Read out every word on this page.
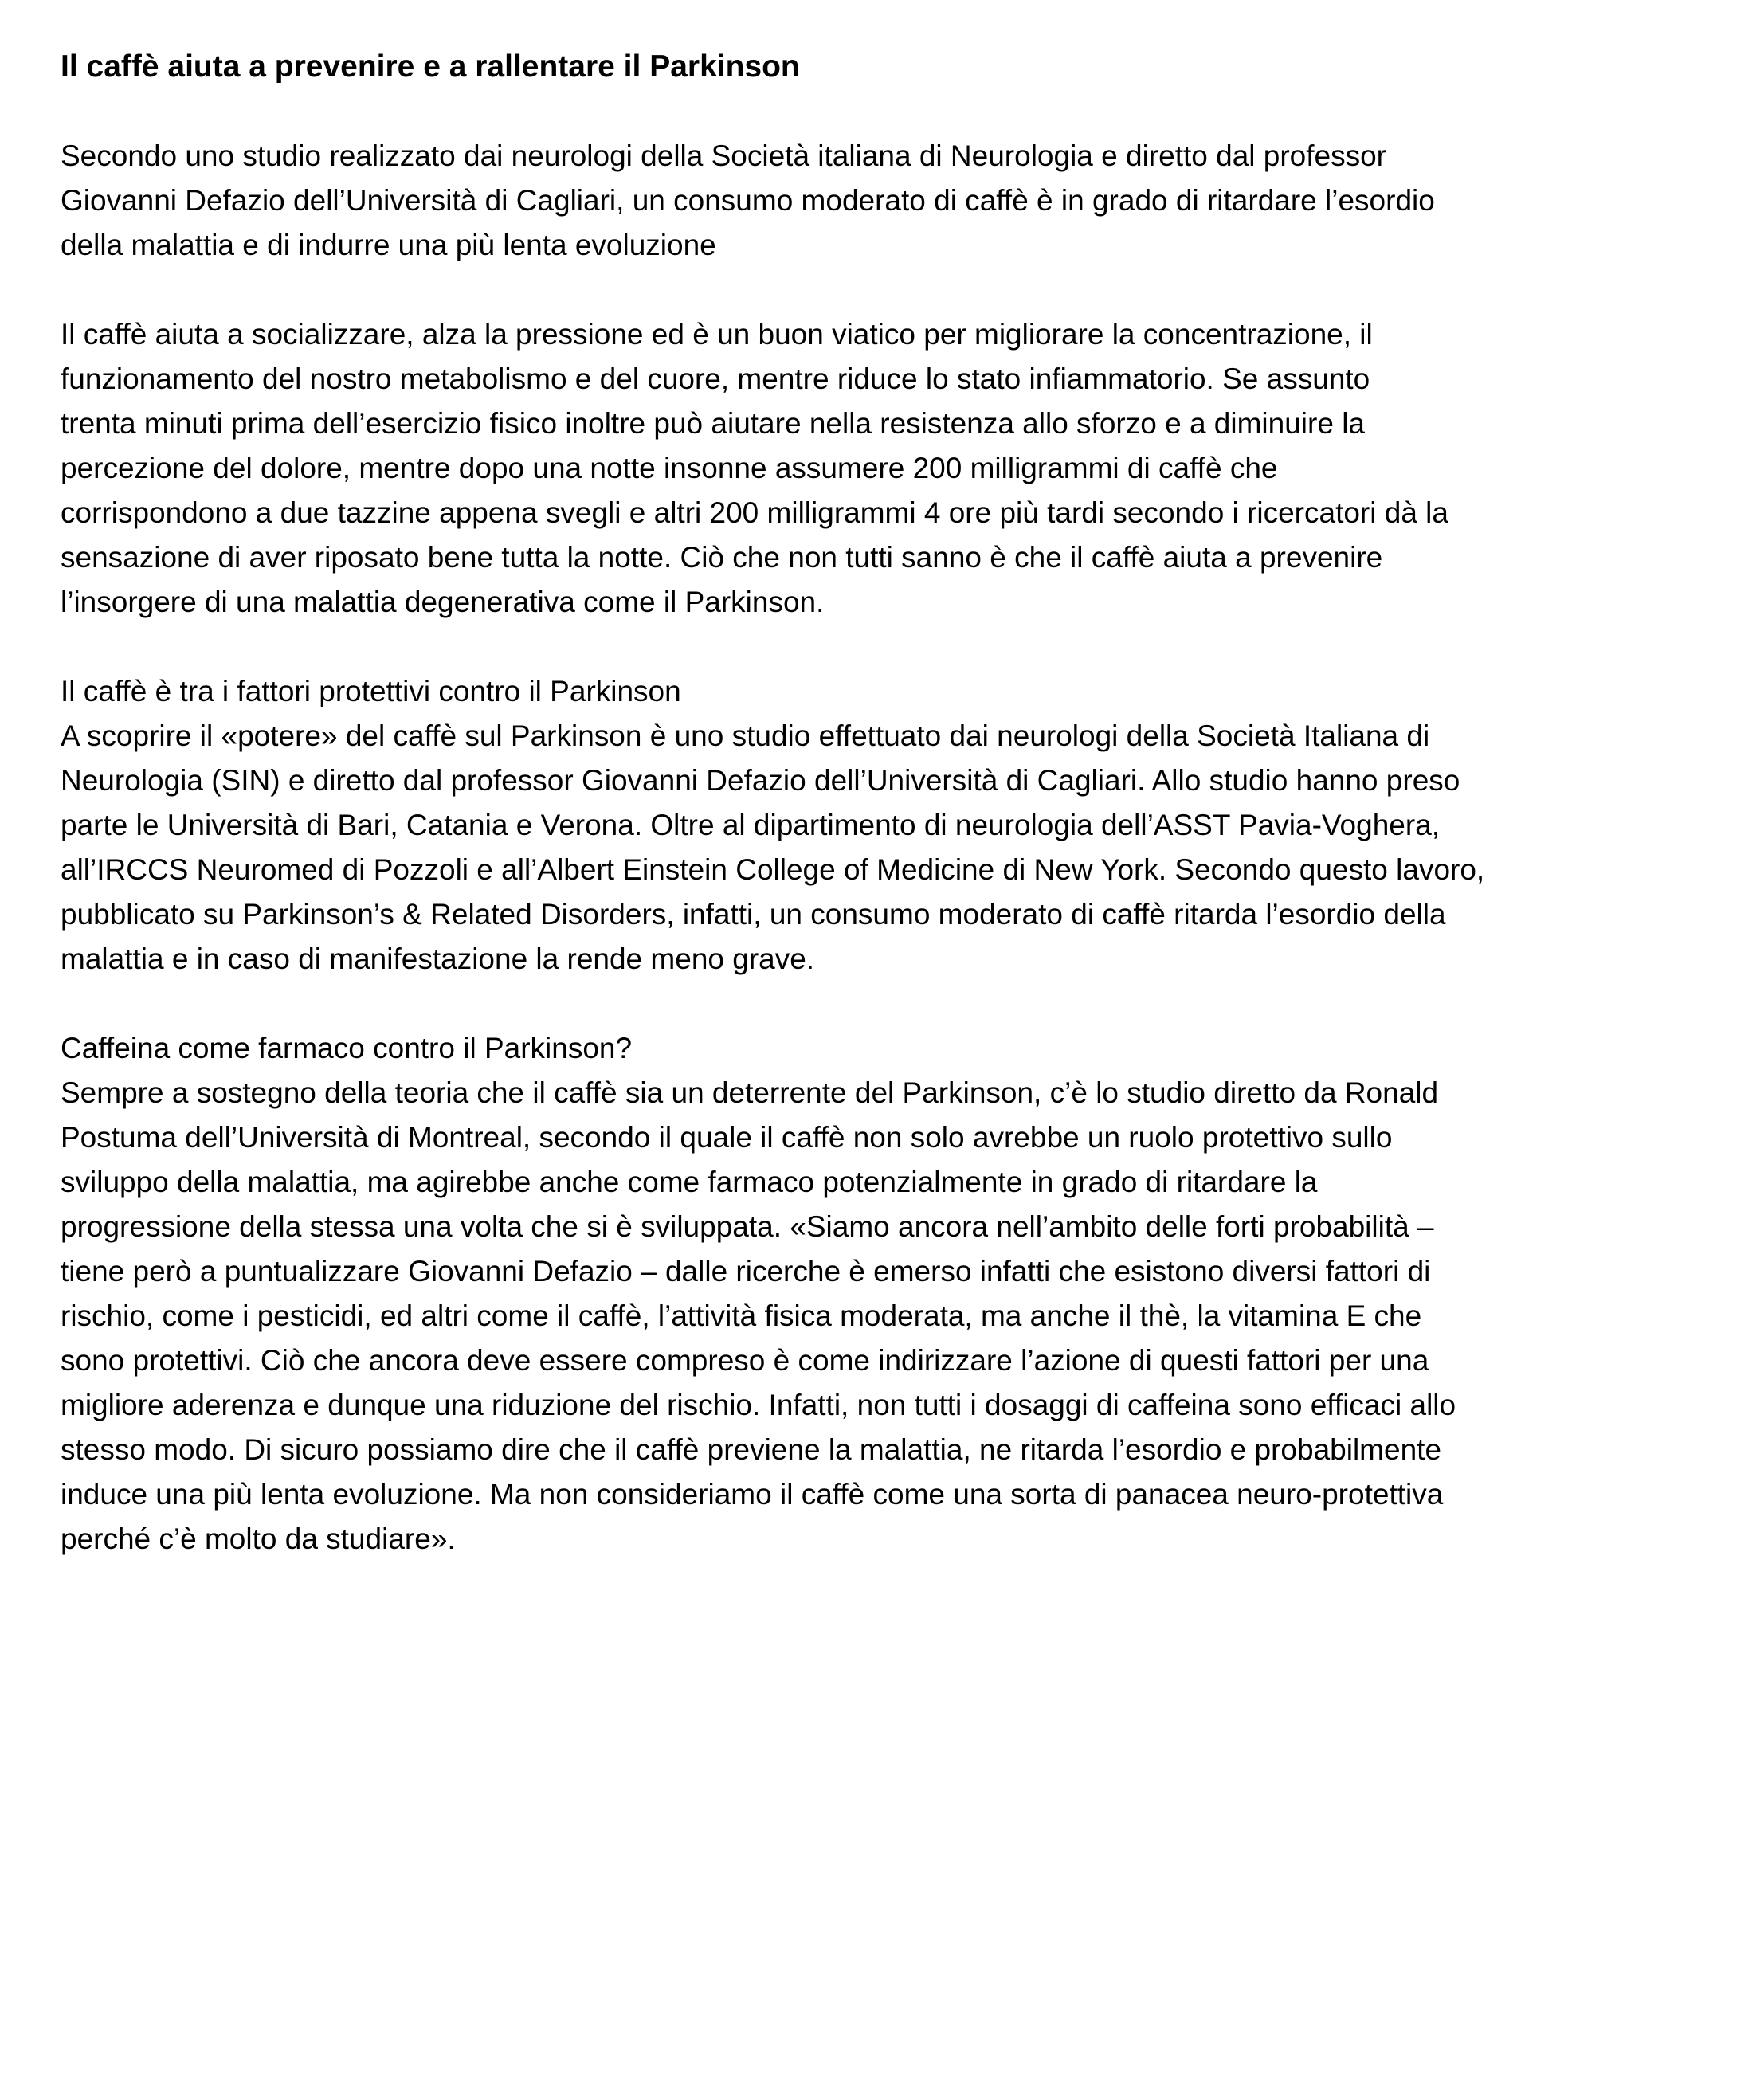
Il caffè aiuta a prevenire e a rallentare il Parkinson

Secondo uno studio realizzato dai neurologi della Società italiana di Neurologia e diretto dal professor

Giovanni Defazio dell’Università di Cagliari, un consumo moderato di caffè è in grado di ritardare l’esordio

della malattia e di indurre una più lenta evoluzione

Il caffè aiuta a socializzare, alza la pressione ed è un buon viatico per migliorare la concentrazione, il

funzionamento del nostro metabolismo e del cuore, mentre riduce lo stato infiammatorio. Se assunto

trenta minuti prima dell’esercizio fisico inoltre può aiutare nella resistenza allo sforzo e a diminuire la

percezione del dolore, mentre dopo una notte insonne assumere 200 milligrammi di caffè che

corrispondono a due tazzine appena svegli e altri 200 milligrammi 4 ore più tardi secondo i ricercatori dà la

sensazione di aver riposato bene tutta la notte. Ciò che non tutti sanno è che il caffè aiuta a prevenire

l’insorgere di una malattia degenerativa come il Parkinson.

Il caffè è tra i fattori protettivi contro il Parkinson

A scoprire il «potere» del caffè sul Parkinson è uno studio effettuato dai neurologi della Società Italiana di

Neurologia (SIN) e diretto dal professor Giovanni Defazio dell’Università di Cagliari. Allo studio hanno preso

parte le Università di Bari, Catania e Verona. Oltre al dipartimento di neurologia dell’ASST Pavia-Voghera,

all’IRCCS Neuromed di Pozzoli e all’Albert Einstein College of Medicine di New York. Secondo questo lavoro,

pubblicato su Parkinson’s & Related Disorders, infatti, un consumo moderato di caffè ritarda l’esordio della

malattia e in caso di manifestazione la rende meno grave.

Caffeina come farmaco contro il Parkinson?

Sempre a sostegno della teoria che il caffè sia un deterrente del Parkinson, c’è lo studio diretto da Ronald

Postuma dell’Università di Montreal, secondo il quale il caffè non solo avrebbe un ruolo protettivo sullo

sviluppo della malattia, ma agirebbe anche come farmaco potenzialmente in grado di ritardare la

progressione della stessa una volta che si è sviluppata. «Siamo ancora nell’ambito delle forti probabilità –

tiene però a puntualizzare Giovanni Defazio – dalle ricerche è emerso infatti che esistono diversi fattori di

rischio, come i pesticidi, ed altri come il caffè, l’attività fisica moderata, ma anche il thè, la vitamina E che

sono protettivi. Ciò che ancora deve essere compreso è come indirizzare l’azione di questi fattori per una

migliore aderenza e dunque una riduzione del rischio. Infatti, non tutti i dosaggi di caffeina sono efficaci allo

stesso modo. Di sicuro possiamo dire che il caffè previene la malattia, ne ritarda l’esordio e probabilmente

induce una più lenta evoluzione. Ma non consideriamo il caffè come una sorta di panacea neuro-protettiva

perché c’è molto da studiare».
